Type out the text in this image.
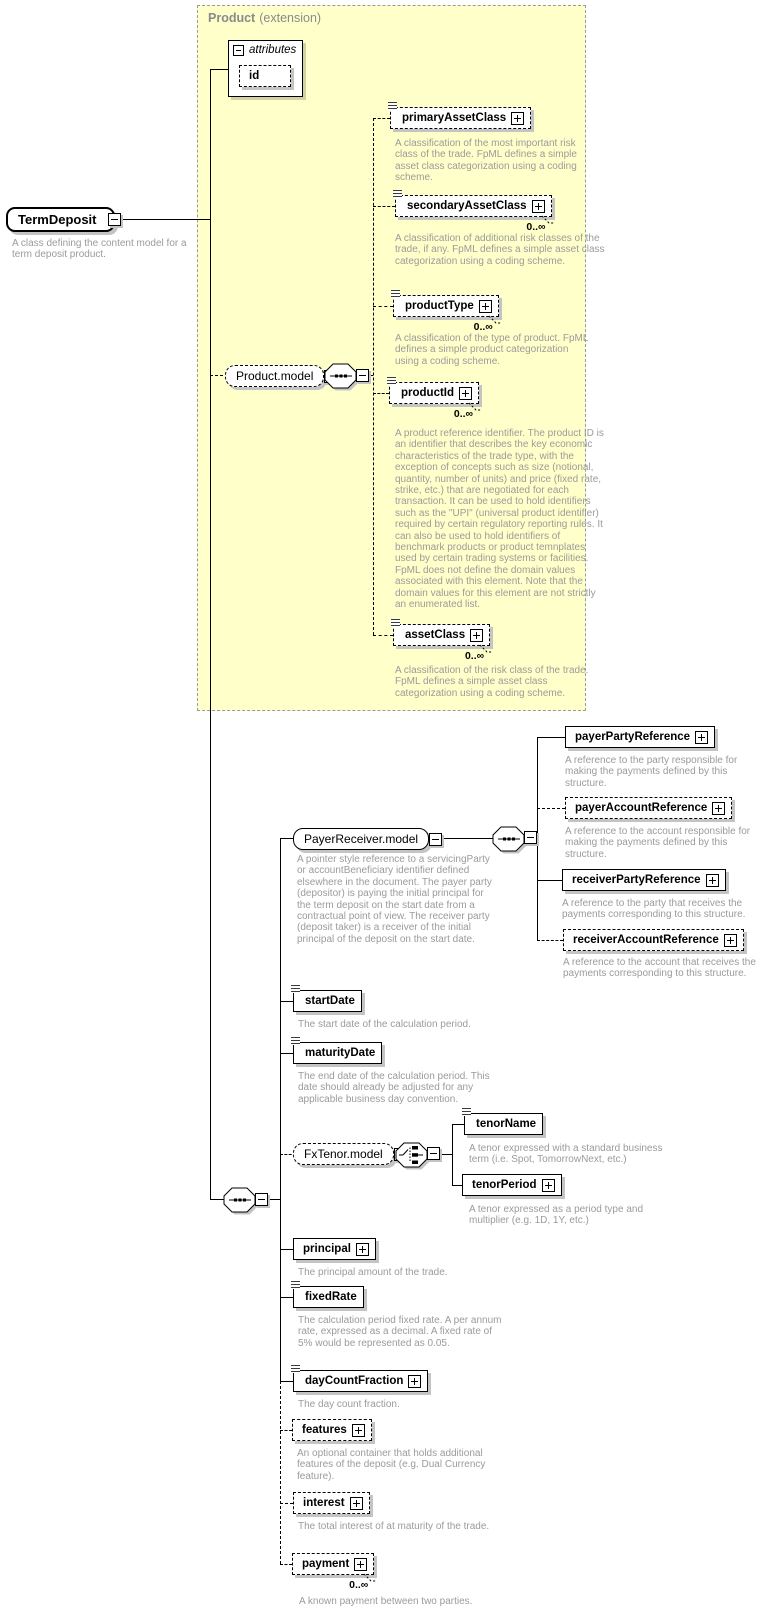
Product (extension)
A class defining the content model for a term deposit product.
A classification of the most important risk class of the trade. FpML defines a simple asset class categorization using a coding scheme.
A classification of additional risk classes of the trade, if any. FpML defines a simple asset class categorization using a coding scheme.
A classification of the type of product. FpML defines a simple product categorization using a coding scheme.
A product reference identifier. The product ID is an identifier that describes the key economic characteristics of the trade type, with the exception of concepts such as size (notional, quantity, number of units) and price (fixed rate, strike, etc.) that are negotiated for each transaction. It can be used to hold identifiers such as the "UPI" (universal product identifier) required by certain regulatory reporting rules. It can also be used to hold identifiers of benchmark products or product temnplates used by certain trading systems or facilities. FpML does not define the domain values associated with this element. Note that the domain values for this element are not strictly an enumerated list.
A classification of the risk class of the trade. FpML defines a simple asset class categorization using a coding scheme.
A pointer style reference to a servicingParty or accountBeneficiary identifier defined elsewhere in the document. The payer party (depositor) is paying the initial principal for the term deposit on the start date from a contractual point of view. The receiver party (deposit taker) is a receiver of the initial principal of the deposit on the start date.
A reference to the party responsible for making the payments defined by this structure.
A reference to the account responsible for making the payments defined by this structure.
A reference to the party that receives the payments corresponding to this structure.
A reference to the account that receives the payments corresponding to this structure.
The start date of the calculation period.
The end date of the calculation period. This date should already be adjusted for any applicable business day convention.
A tenor expressed with a standard business term (i.e. Spot, TomorrowNext, etc.)
A tenor expressed as a period type and multiplier (e.g. 1D, 1Y, etc.)
The principal amount of the trade.
The calculation period fixed rate. A per annum rate, expressed as a decimal. A fixed rate of 5% would be represented as 0.05.
The day count fraction.
An optional container that holds additional features of the deposit (e.g. Dual Currency feature).
The total interest of at maturity of the trade.
A known payment between two parties.
TermDeposit
attributes
id
Product.model
primaryAssetClass
secondaryAssetClass
0..∞
productType
0..∞
productId
0..∞
assetClass
0..∞
PayerReceiver.model
payerPartyReference
payerAccountReference
receiverPartyReference
receiverAccountReference
startDate
maturityDate
FxTenor.model
tenorName
tenorPeriod
principal
fixedRate
dayCountFraction
features
interest
payment
0..∞
